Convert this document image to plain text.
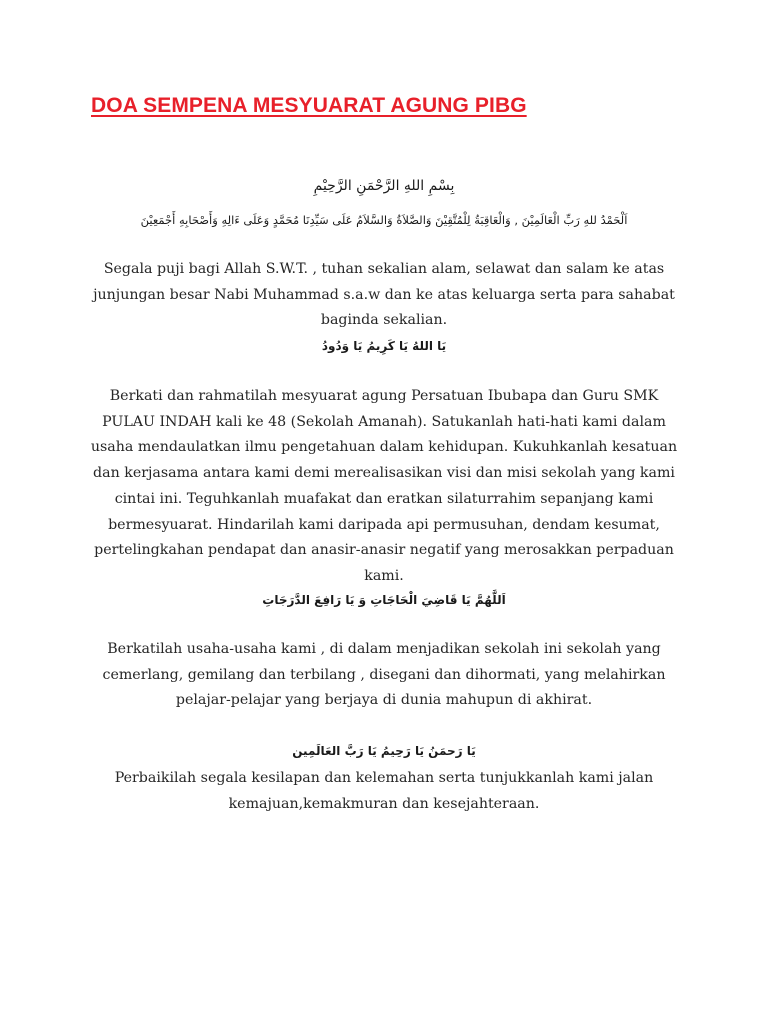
DOA SEMPENA MESYUARAT AGUNG PIBG

بِسْمِ اللهِ الرَّحْمَنِ الرَّحِيْمِ

اَلْحَمْدُ للهِ رَبِّ الْعَالَمِيْنَ , وَالْعَاقِبَةُ لِلْمُتَّقِيْنَ وَالصَّلاَةُ وَالسَّلاَمُ عَلَى سَيِّدِنَا مُحَمَّدٍ وَعَلَى ءَالِهِ وَأَصْحَابِهِ أَجْمَعِيْنَ

Segala puji bagi Allah S.W.T. , tuhan sekalian alam, selawat dan salam ke atas junjungan besar Nabi Muhammad s.a.w dan ke atas keluarga serta para sahabat baginda sekalian.

يَا اللهُ يَا كَرِيمُ يَا وَدُودُ

Berkati dan rahmatilah mesyuarat agung Persatuan Ibubapa dan Guru SMK PULAU INDAH kali ke 48 (Sekolah Amanah). Satukanlah hati-hati kami dalam usaha mendaulatkan ilmu pengetahuan dalam kehidupan. Kukuhkanlah kesatuan dan kerjasama antara kami demi merealisasikan visi dan misi sekolah yang kami cintai ini. Teguhkanlah muafakat dan eratkan silaturrahim sepanjang kami bermesyuarat. Hindarilah kami daripada api permusuhan, dendam kesumat, pertelingkahan pendapat dan anasir-anasir negatif yang merosakkan perpaduan kami.

اَللَّهُمَّ يَا قَاضِيَ الْحَاجَاتِ وَ يَا رَافِعَ الدَّرَجَاتِ

Berkatilah usaha-usaha kami , di dalam menjadikan sekolah ini sekolah yang cemerlang, gemilang dan terbilang , disegani dan dihormati, yang melahirkan pelajar-pelajar yang berjaya di dunia mahupun di akhirat.

يَا رَحمَنُ يَا رَحِيمُ يَا رَبَّ العَالَمِين

Perbaikilah segala kesilapan dan kelemahan serta tunjukkanlah kami jalan kemajuan,kemakmuran dan kesejahteraan.
